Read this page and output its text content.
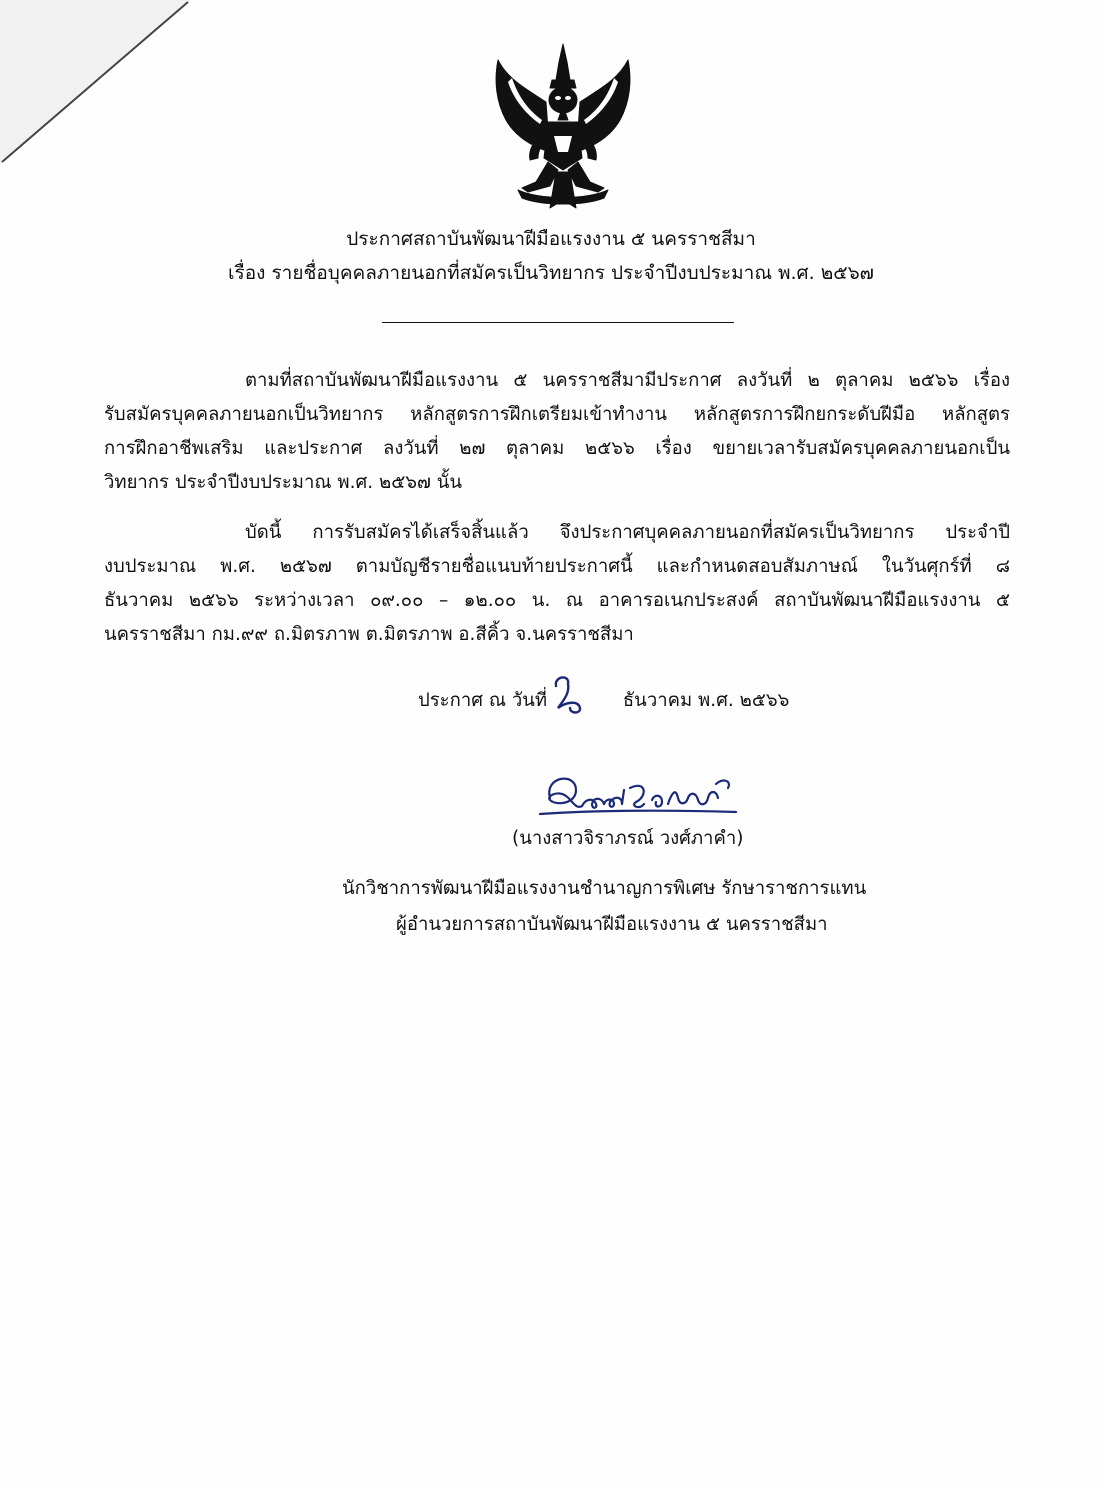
ประกาศสถาบันพัฒนาฝีมือแรงงาน ๕ นครราชสีมา
เรื่อง รายชื่อบุคคลภายนอกที่สมัครเป็นวิทยากร ประจำปีงบประมาณ พ.ศ. ๒๕๖๗
ตามที่สถาบันพัฒนาฝีมือแรงงาน ๕ นครราชสีมามีประกาศ ลงวันที่ ๒ ตุลาคม ๒๕๖๖ เรื่อง
รับสมัครบุคคลภายนอกเป็นวิทยากร หลักสูตรการฝึกเตรียมเข้าทำงาน หลักสูตรการฝึกยกระดับฝีมือ หลักสูตร
การฝึกอาชีพเสริม และประกาศ ลงวันที่ ๒๗ ตุลาคม ๒๕๖๖ เรื่อง ขยายเวลารับสมัครบุคคลภายนอกเป็น
วิทยากร ประจำปีงบประมาณ พ.ศ. ๒๕๖๗ นั้น
บัดนี้ การรับสมัครได้เสร็จสิ้นแล้ว จึงประกาศบุคคลภายนอกที่สมัครเป็นวิทยากร ประจำปี
งบประมาณ พ.ศ. ๒๕๖๗ ตามบัญชีรายชื่อแนบท้ายประกาศนี้ และกำหนดสอบสัมภาษณ์ ในวันศุกร์ที่ ๘
ธันวาคม ๒๕๖๖ ระหว่างเวลา ๐๙.๐๐ – ๑๒.๐๐ น. ณ อาคารอเนกประสงค์ สถาบันพัฒนาฝีมือแรงงาน ๕
นครราชสีมา กม.๙๙ ถ.มิตรภาพ ต.มิตรภาพ อ.สีคิ้ว จ.นครราชสีมา
ประกาศ ณ วันที่	ธันวาคม พ.ศ. ๒๕๖๖
(นางสาวจิราภรณ์ วงศ์ภาคำ)
นักวิชาการพัฒนาฝีมือแรงงานชำนาญการพิเศษ รักษาราชการแทน
ผู้อำนวยการสถาบันพัฒนาฝีมือแรงงาน ๕ นครราชสีมา
